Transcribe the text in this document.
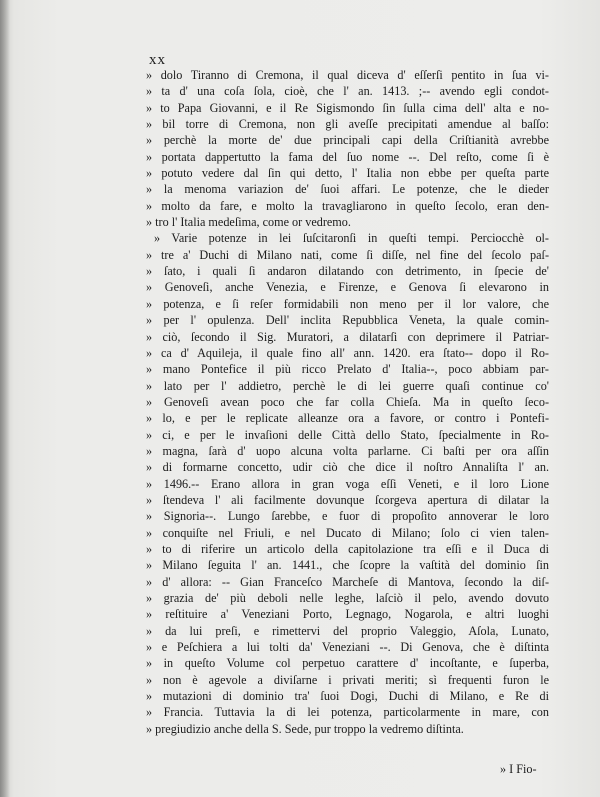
xx
» dolo Tiranno di Cremona, il qual diceva d' eſſerſi pentito in ſua vi-
» ta d' una coſa ſola, cioè, che l' an. 1413. ;-- avendo egli condot-
» to Papa Giovanni, e il Re Sigismondo ſin ſulla cima dell' alta e no-
» bil torre di Cremona, non gli aveſſe precipitati amendue al baſſo:
» perchè la morte de' due principali capi della Criſtianità avrebbe
» portata dappertutto la fama del ſuo nome --. Del reſto, come ſi è
» potuto vedere dal ſin qui detto, l' Italia non ebbe per queſta parte
» la menoma variazion de' ſuoi affari. Le potenze, che le dieder
» molto da fare, e molto la travagliarono in queſto ſecolo, eran den-
» tro l' Italia medeſima, come or vedremo.
» Varie potenze in lei ſuſcitaronſi in queſti tempi. Perciocchè ol-
» tre a' Duchi di Milano nati, come ſi diſſe, nel fine del ſecolo paſ-
» ſato, i quali ſi andaron dilatando con detrimento, in ſpecie de'
» Genoveſi, anche Venezia, e Firenze, e Genova ſi elevarono in
» potenza, e ſi reſer formidabili non meno per il lor valore, che
» per l' opulenza. Dell' inclita Repubblica Veneta, la quale comin-
» ciò, ſecondo il Sig. Muratori, a dilatarſi con deprimere il Patriar-
» ca d' Aquileja, il quale fino all' ann. 1420. era ſtato-- dopo il Ro-
» mano Pontefice il più ricco Prelato d' Italia--, poco abbiam par-
» lato per l' addietro, perchè le di lei guerre quaſi continue co'
» Genoveſi avean poco che far colla Chieſa. Ma in queſto ſeco-
» lo, e per le replicate alleanze ora a favore, or contro i Pontefi-
» ci, e per le invaſioni delle Città dello Stato, ſpecialmente in Ro-
» magna, ſarà d' uopo alcuna volta parlarne. Ci baſti per ora aſſin
» di formarne concetto, udir ciò che dice il noſtro Annaliſta l' an.
» 1496.-- Erano allora in gran voga eſſi Veneti, e il loro Lione
» ſtendeva l' ali facilmente dovunque ſcorgeva apertura di dilatar la
» Signoria--. Lungo ſarebbe, e fuor di propoſito annoverar le loro
» conquiſte nel Friuli, e nel Ducato di Milano; ſolo ci vien talen-
» to di riferire un articolo della capitolazione tra eſſi e il Duca di
» Milano ſeguita l' an. 1441., che ſcopre la vaſtità del dominio ſin
» d' allora: -- Gian Franceſco Marcheſe di Mantova, ſecondo la diſ-
» grazia de' più deboli nelle leghe, laſciò il pelo, avendo dovuto
» reſtituire a' Veneziani Porto, Legnago, Nogarola, e altri luoghi
» da lui preſi, e rimettervi del proprio Valeggio, Aſola, Lunato,
» e Peſchiera a lui tolti da' Veneziani --. Di Genova, che è diſtinta
» in queſto Volume col perpetuo carattere d' incoſtante, e ſuperba,
» non è agevole a diviſarne i privati meriti; sì frequenti furon le
» mutazioni di dominio tra' ſuoi Dogi, Duchi di Milano, e Re di
» Francia. Tuttavia la di lei potenza, particolarmente in mare, con
» pregiudizio anche della S. Sede, pur troppo la vedremo diſtinta.
» I Fio-
